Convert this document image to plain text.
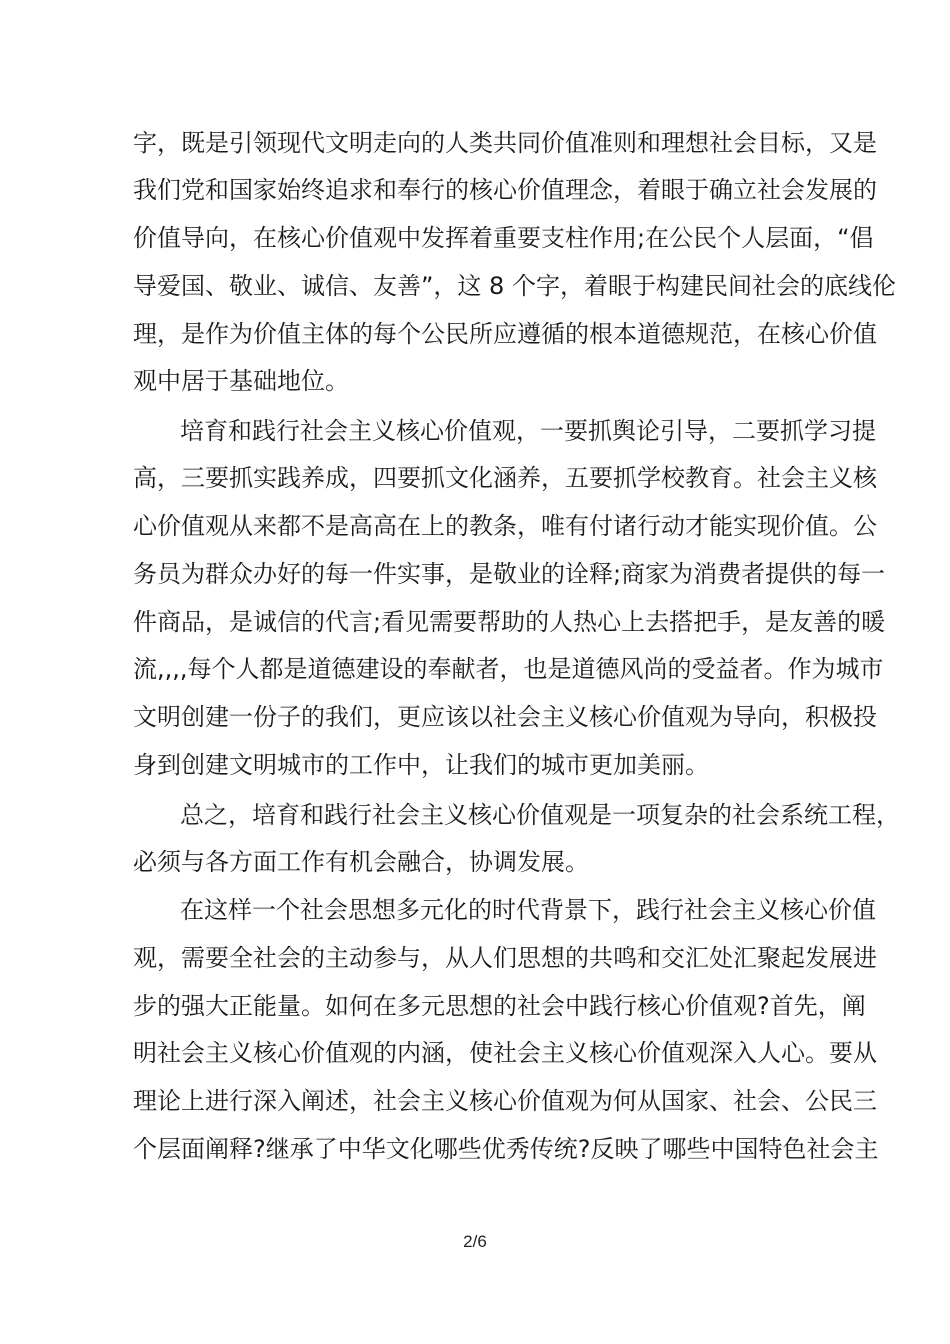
字，既是引领现代文明走向的人类共同价值准则和理想社会目标，又是
我们党和国家始终追求和奉行的核心价值理念，着眼于确立社会发展的
价值导向，在核心价值观中发挥着重要支柱作用;在公民个人层面，“倡
导爱国、敬业、诚信、友善”，这 8 个字，着眼于构建民间社会的底线伦
理，是作为价值主体的每个公民所应遵循的根本道德规范，在核心价值
观中居于基础地位。
培育和践行社会主义核心价值观，一要抓舆论引导，二要抓学习提
高，三要抓实践养成，四要抓文化涵养，五要抓学校教育。社会主义核
心价值观从来都不是高高在上的教条，唯有付诸行动才能实现价值。公
务员为群众办好的每一件实事，是敬业的诠释;商家为消费者提供的每一
件商品，是诚信的代言;看见需要帮助的人热心上去搭把手，是友善的暖
流,,,,每个人都是道德建设的奉献者，也是道德风尚的受益者。作为城市
文明创建一份子的我们，更应该以社会主义核心价值观为导向，积极投
身到创建文明城市的工作中，让我们的城市更加美丽。
总之，培育和践行社会主义核心价值观是一项复杂的社会系统工程，
必须与各方面工作有机会融合，协调发展。
在这样一个社会思想多元化的时代背景下，践行社会主义核心价值
观，需要全社会的主动参与，从人们思想的共鸣和交汇处汇聚起发展进
步的强大正能量。如何在多元思想的社会中践行核心价值观?首先，阐
明社会主义核心价值观的内涵，使社会主义核心价值观深入人心。要从
理论上进行深入阐述，社会主义核心价值观为何从国家、社会、公民三
个层面阐释?继承了中华文化哪些优秀传统?反映了哪些中国特色社会主
2/6
